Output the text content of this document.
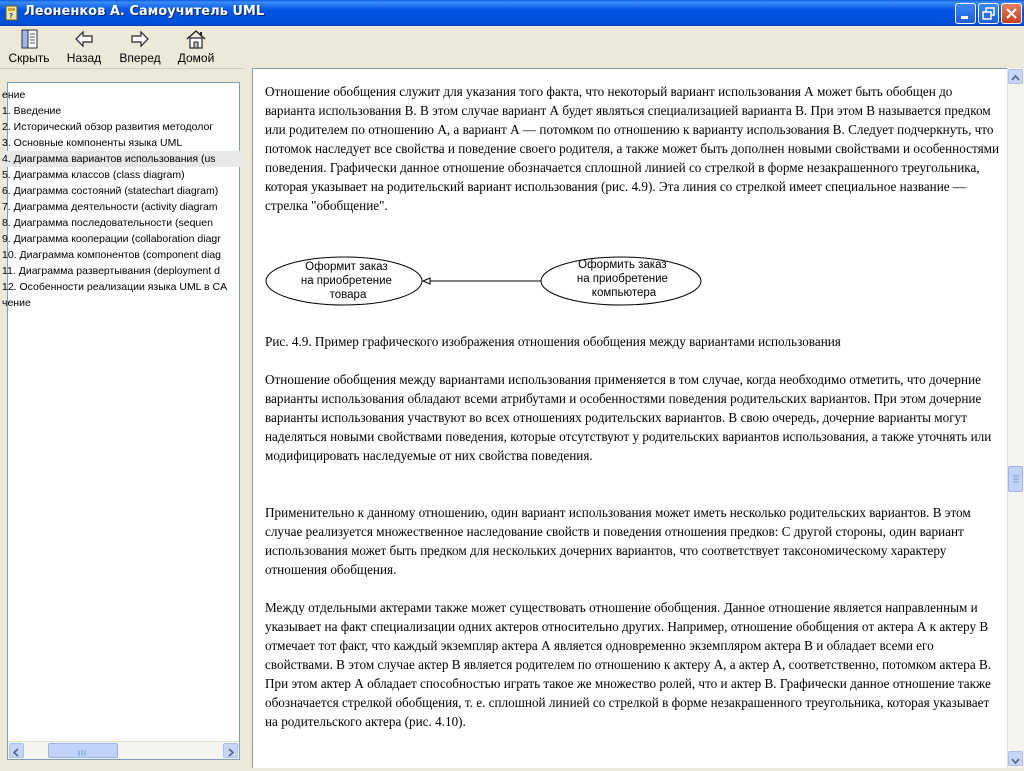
? Леоненков А. Самоучитель UML
Скрыть Назад Вперед Домой
ение
1. Введение
2. Исторический обзор развития методолог
3. Основные компоненты языка UML
4. Диаграмма вариантов использования (us
5. Диаграмма классов (class diagram)
6. Диаграмма состояний (statechart diagram)
7. Диаграмма деятельности (activity diagram
8. Диаграмма последовательности (sequen
9. Диаграмма кооперации (collaboration diagr
10. Диаграмма компонентов (component diag
11. Диаграмма развертывания (deployment d
12. Особенности реализации языка UML в CA
чение

Отношение обобщения служит для указания того факта, что некоторый вариант использования А может быть обобщен до варианта использования В. В этом случае вариант А будет являться специализацией варианта В. При этом В называется предком или родителем по отношению А, а вариант А — потомком по отношению к варианту использования В. Следует подчеркнуть, что потомок наследует все свойства и поведение своего родителя, а также может быть дополнен новыми свойствами и особенностями поведения. Графически данное отношение обозначается сплошной линией со стрелкой в форме незакрашенного треугольника, которая указывает на родительский вариант использования (рис. 4.9). Эта линия со стрелкой имеет специальное название — стрелка "обобщение".

Оформит заказ на приобретение товара
Оформить заказ на приобретение компьютера

Рис. 4.9. Пример графического изображения отношения обобщения между вариантами использования

Отношение обобщения между вариантами использования применяется в том случае, когда необходимо отметить, что дочерние варианты использования обладают всеми атрибутами и особенностями поведения родительских вариантов. При этом дочерние варианты использования участвуют во всех отношениях родительских вариантов. В свою очередь, дочерние варианты могут наделяться новыми свойствами поведения, которые отсутствуют у родительских вариантов использования, а также уточнять или модифицировать наследуемые от них свойства поведения.

Применительно к данному отношению, один вариант использования может иметь несколько родительских вариантов. В этом случае реализуется множественное наследование свойств и поведения отношения предков: С другой стороны, один вариант использования может быть предком для нескольких дочерних вариантов, что соответствует таксономическому характеру отношения обобщения.

Между отдельными актерами также может существовать отношение обобщения. Данное отношение является направленным и указывает на факт специализации одних актеров относительно других. Например, отношение обобщения от актера А к актеру В отмечает тот факт, что каждый экземпляр актера А является одновременно экземпляром актера В и обладает всеми его свойствами. В этом случае актер В является родителем по отношению к актеру А, а актер А, соответственно, потомком актера В. При этом актер А обладает способностью играть такое же множество ролей, что и актер В. Графически данное отношение также обозначается стрелкой обобщения, т. е. сплошной линией со стрелкой в форме незакрашенного треугольника, которая указывает на родительского актера (рис. 4.10).
